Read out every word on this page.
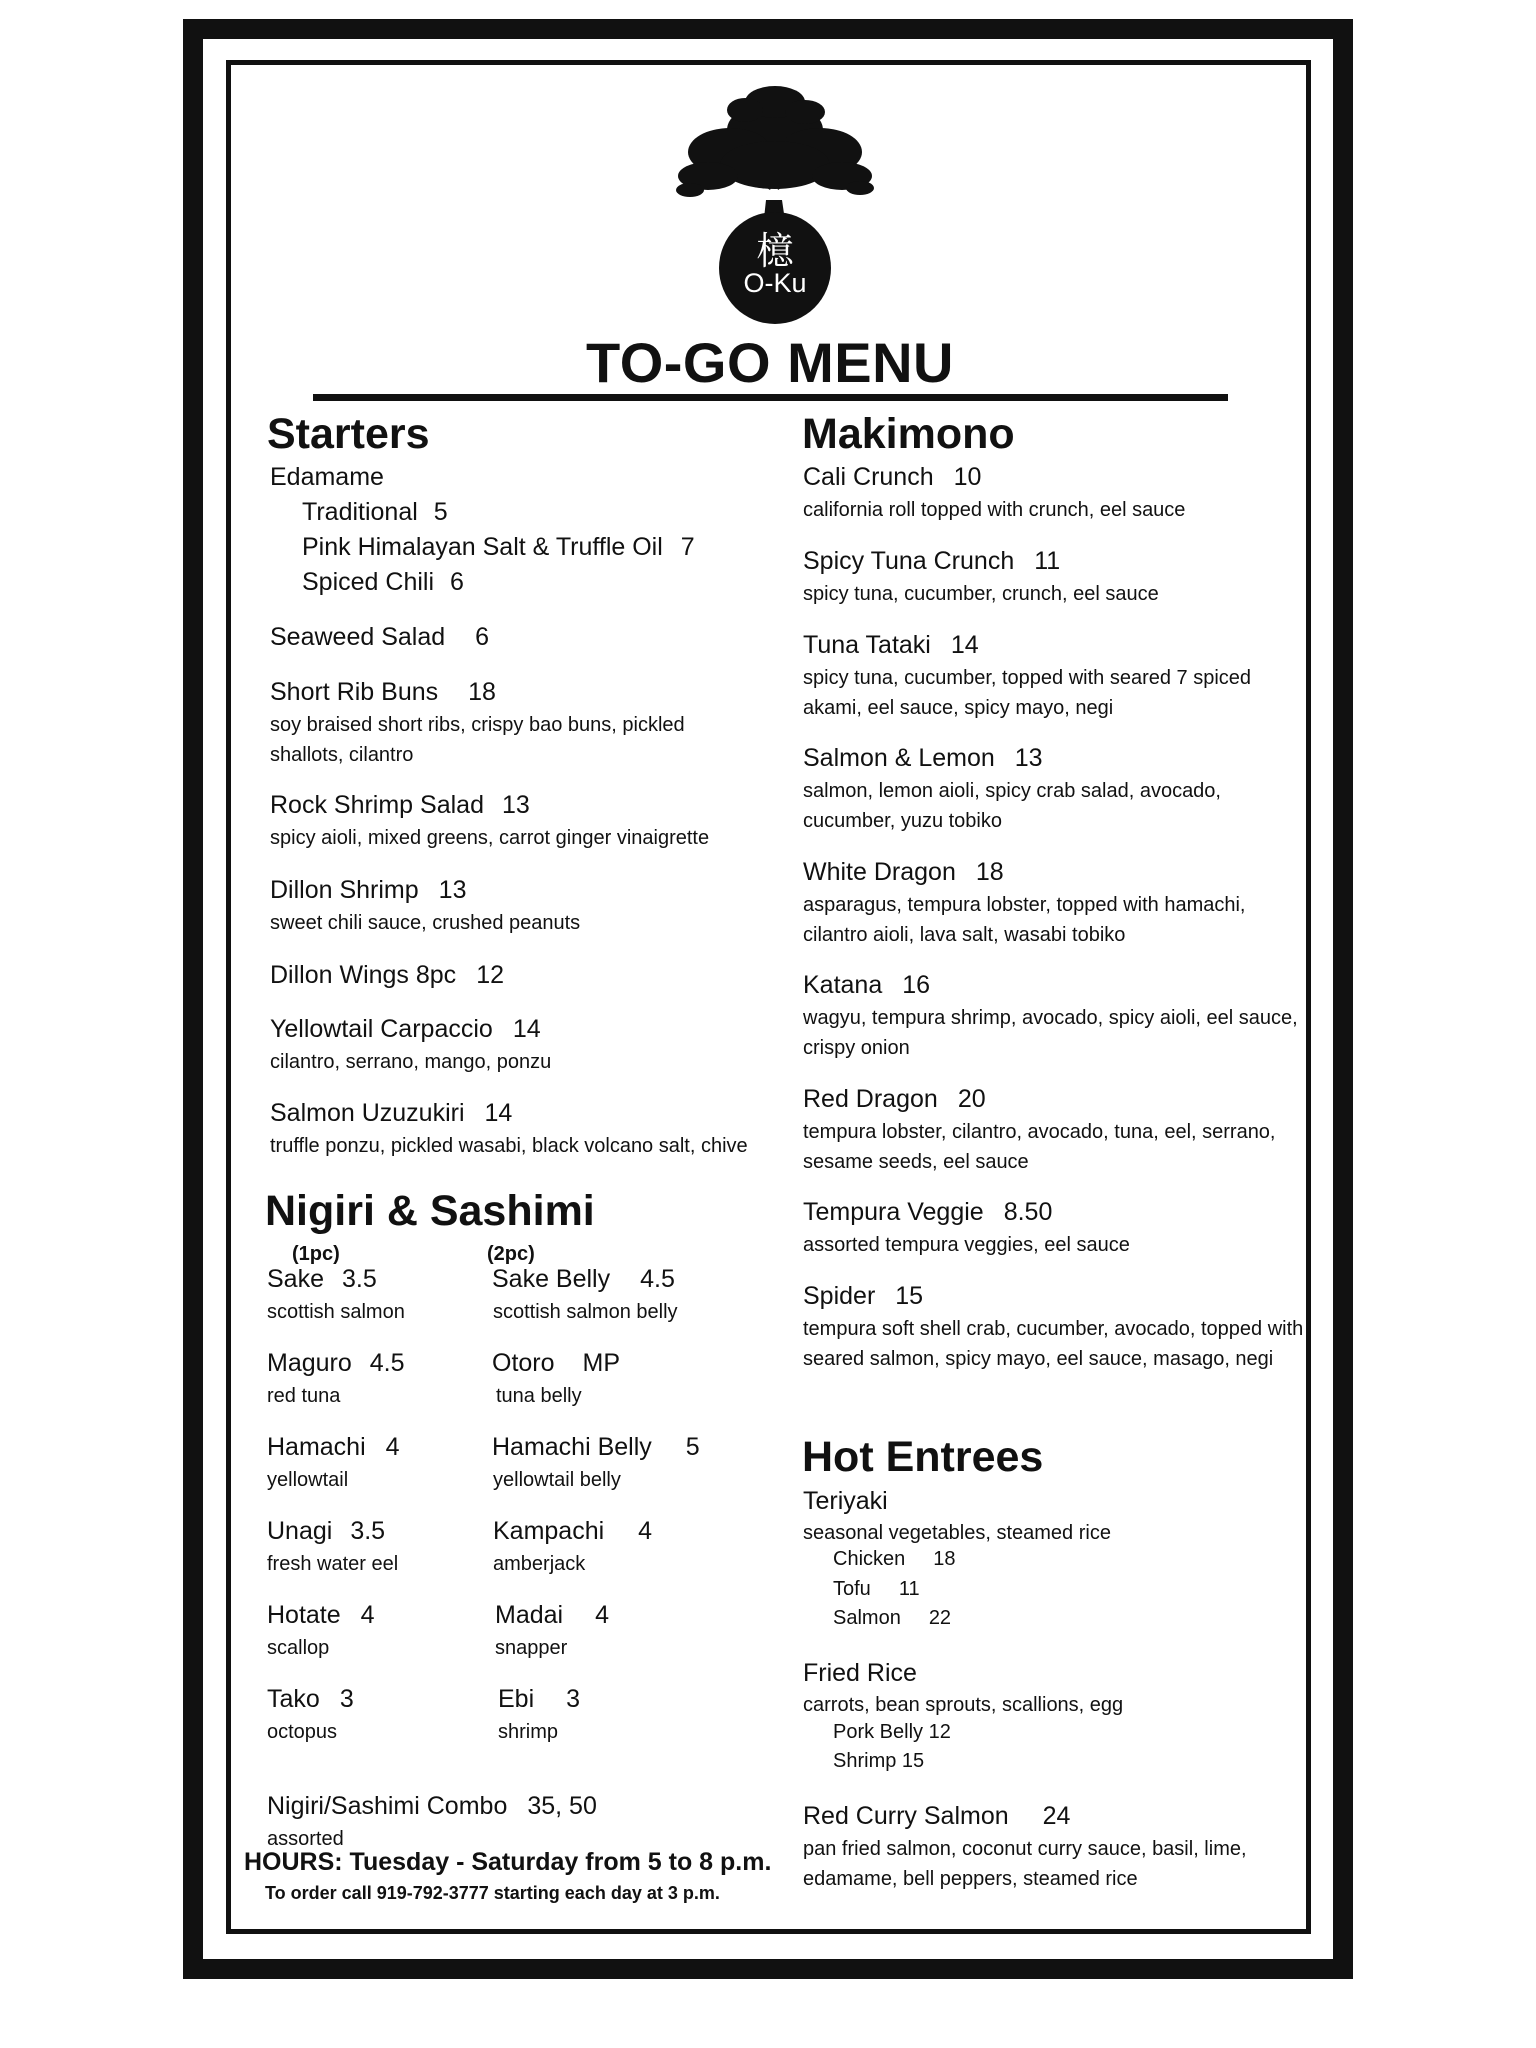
檍
O-Ku
TO-GO MENU
Starters
Edamame
Traditional 5
Pink Himalayan Salt & Truffle Oil 7
Spiced Chili 6
Seaweed Salad 6
Short Rib Buns 18
soy braised short ribs, crispy bao buns, pickled shallots, cilantro
Rock Shrimp Salad 13
spicy aioli, mixed greens, carrot ginger vinaigrette
Dillon Shrimp 13
sweet chili sauce, crushed peanuts
Dillon Wings 8pc 12
Yellowtail Carpaccio 14
cilantro, serrano, mango, ponzu
Salmon Uzuzukiri 14
truffle ponzu, pickled wasabi, black volcano salt, chive
Nigiri & Sashimi
(1pc)	(2pc)
Sake 3.5
scottish salmon
Sake Belly 4.5
scottish salmon belly
Maguro 4.5
red tuna
Otoro MP
tuna belly
Hamachi 4
yellowtail
Hamachi Belly 5
yellowtail belly
Unagi 3.5
fresh water eel
Kampachi 4
amberjack
Hotate 4
scallop
Madai 4
snapper
Tako 3
octopus
Ebi 3
shrimp
Nigiri/Sashimi Combo 35, 50
assorted
HOURS: Tuesday - Saturday from 5 to 8 p.m.
To order call 919-792-3777 starting each day at 3 p.m.
Makimono
Cali Crunch 10
california roll topped with crunch, eel sauce
Spicy Tuna Crunch 11
spicy tuna, cucumber, crunch, eel sauce
Tuna Tataki 14
spicy tuna, cucumber, topped with seared 7 spiced akami, eel sauce, spicy mayo, negi
Salmon & Lemon 13
salmon, lemon aioli, spicy crab salad, avocado, cucumber, yuzu tobiko
White Dragon 18
asparagus, tempura lobster, topped with hamachi, cilantro aioli, lava salt, wasabi tobiko
Katana 16
wagyu, tempura shrimp, avocado, spicy aioli, eel sauce, crispy onion
Red Dragon 20
tempura lobster, cilantro, avocado, tuna, eel, serrano, sesame seeds, eel sauce
Tempura Veggie 8.50
assorted tempura veggies, eel sauce
Spider 15
tempura soft shell crab, cucumber, avocado, topped with seared salmon, spicy mayo, eel sauce, masago, negi
Hot Entrees
Teriyaki
seasonal vegetables, steamed rice
Chicken 18
Tofu 11
Salmon 22
Fried Rice
carrots, bean sprouts, scallions, egg
Pork Belly 12
Shrimp 15
Red Curry Salmon 24
pan fried salmon, coconut curry sauce, basil, lime, edamame, bell peppers, steamed rice
